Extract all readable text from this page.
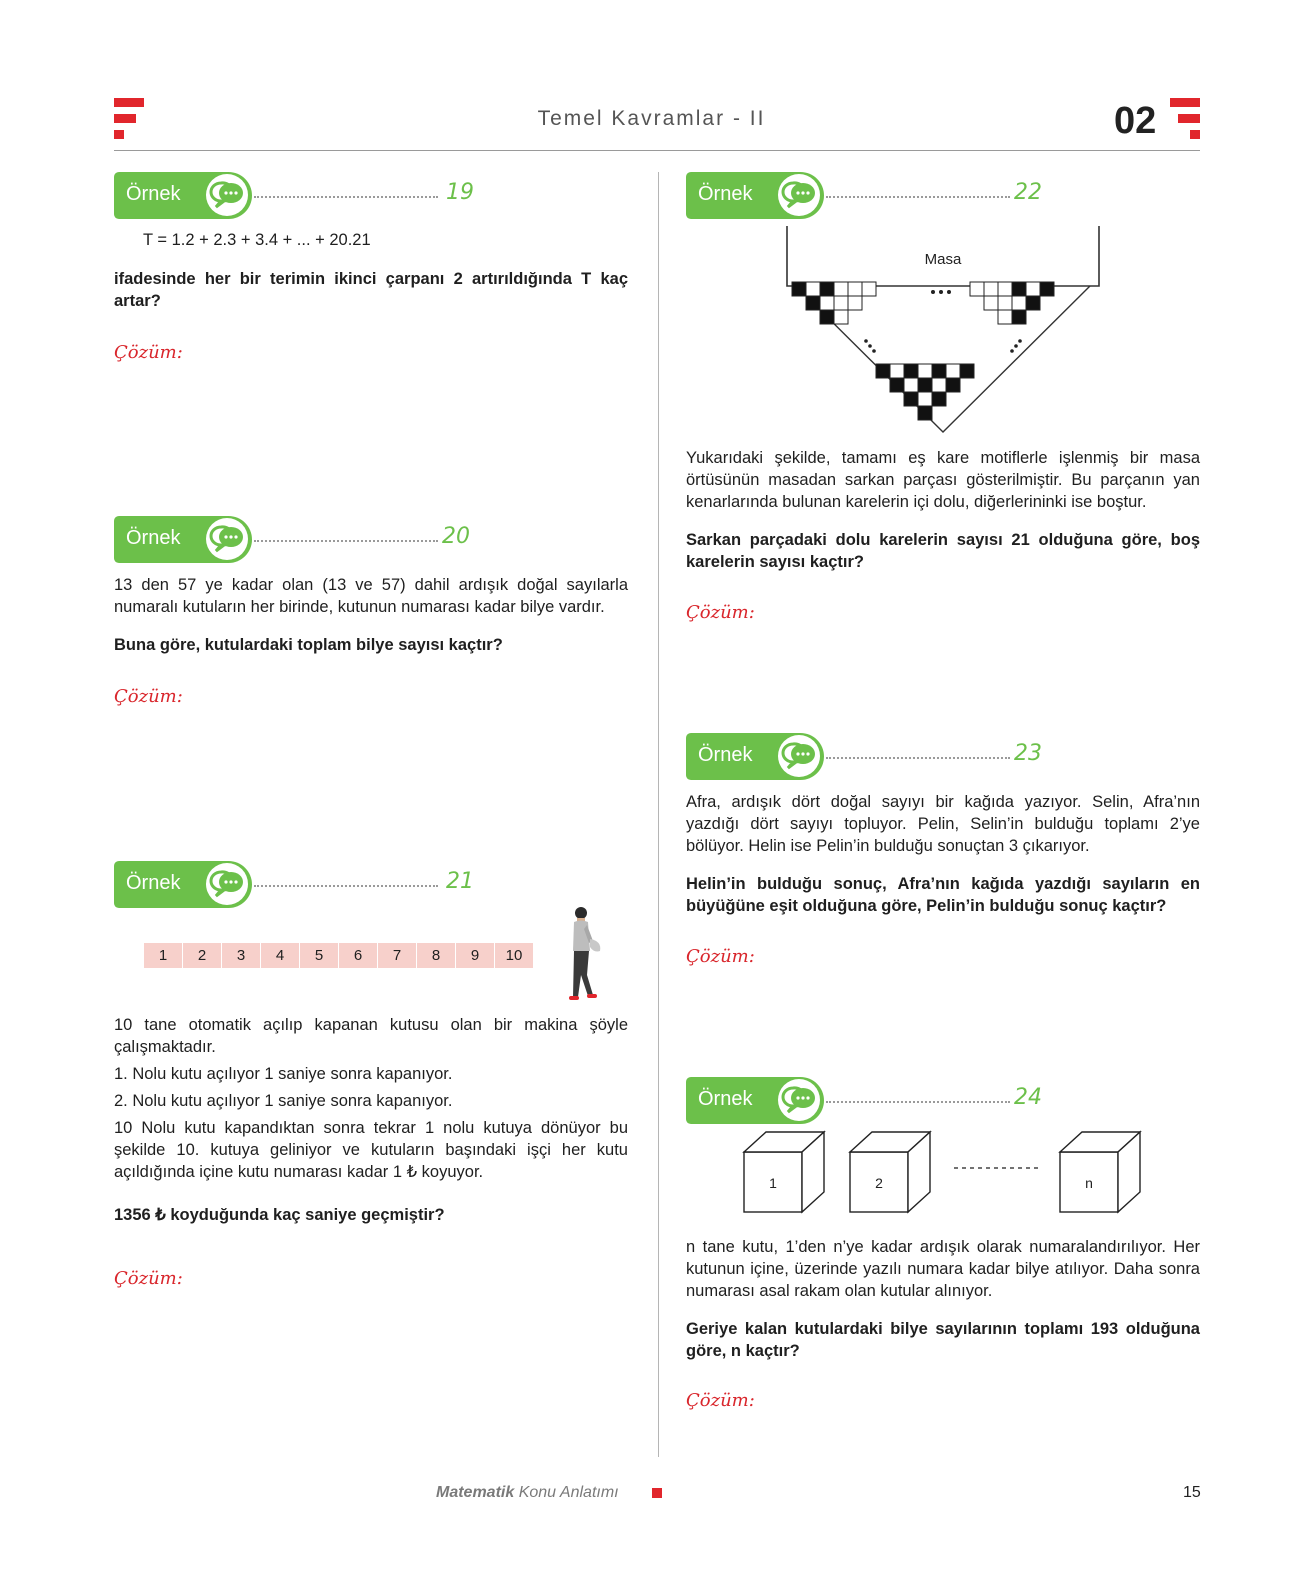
Temel Kavramlar - II	02
Örnek	19
T = 1.2 + 2.3 + 3.4 + ... + 20.21
ifadesinde her bir terimin ikinci çarpanı 2 artırıldığında T kaç artar?
Çözüm:
Örnek	20
13 den 57 ye kadar olan (13 ve 57) dahil ardışık doğal sayılarla numaralı kutuların her birinde, kutunun numarası kadar bilye vardır.
Buna göre, kutulardaki toplam bilye sayısı kaçtır?
Çözüm:
Örnek	21
1	2	3	4	5	6	7	8	9	10
10 tane otomatik açılıp kapanan kutusu olan bir makina şöyle çalışmaktadır.
1. Nolu kutu açılıyor 1 saniye sonra kapanıyor.
2. Nolu kutu açılıyor 1 saniye sonra kapanıyor.
10 Nolu kutu kapandıktan sonra tekrar 1 nolu kutuya dönüyor bu şekilde 10. kutuya geliniyor ve kutuların başındaki işçi her kutu açıldığında içine kutu numarası kadar 1 ₺ koyuyor.
1356 ₺ koyduğunda kaç saniye geçmiştir?
Çözüm:
Örnek	22
Masa
Yukarıdaki şekilde, tamamı eş kare motiflerle işlenmiş bir masa örtüsünün masadan sarkan parçası gösterilmiştir. Bu parçanın yan kenarlarında bulunan karelerin içi dolu, diğerlerininki ise boştur.
Sarkan parçadaki dolu karelerin sayısı 21 olduğuna göre, boş karelerin sayısı kaçtır?
Çözüm:
Örnek	23
Afra, ardışık dört doğal sayıyı bir kağıda yazıyor. Selin, Afra’nın yazdığı dört sayıyı topluyor. Pelin, Selin’in bulduğu toplamı 2’ye bölüyor. Helin ise Pelin’in bulduğu sonuçtan 3 çıkarıyor.
Helin’in bulduğu sonuç, Afra’nın kağıda yazdığı sayıların en büyüğüne eşit olduğuna göre, Pelin’in bulduğu sonuç kaçtır?
Çözüm:
Örnek	24
1	2	n
n tane kutu, 1’den n’ye kadar ardışık olarak numaralandırılıyor. Her kutunun içine, üzerinde yazılı numara kadar bilye atılıyor. Daha sonra numarası asal rakam olan kutular alınıyor.
Geriye kalan kutulardaki bilye sayılarının toplamı 193 olduğuna göre, n kaçtır?
Çözüm:
Matematik Konu Anlatımı	15
